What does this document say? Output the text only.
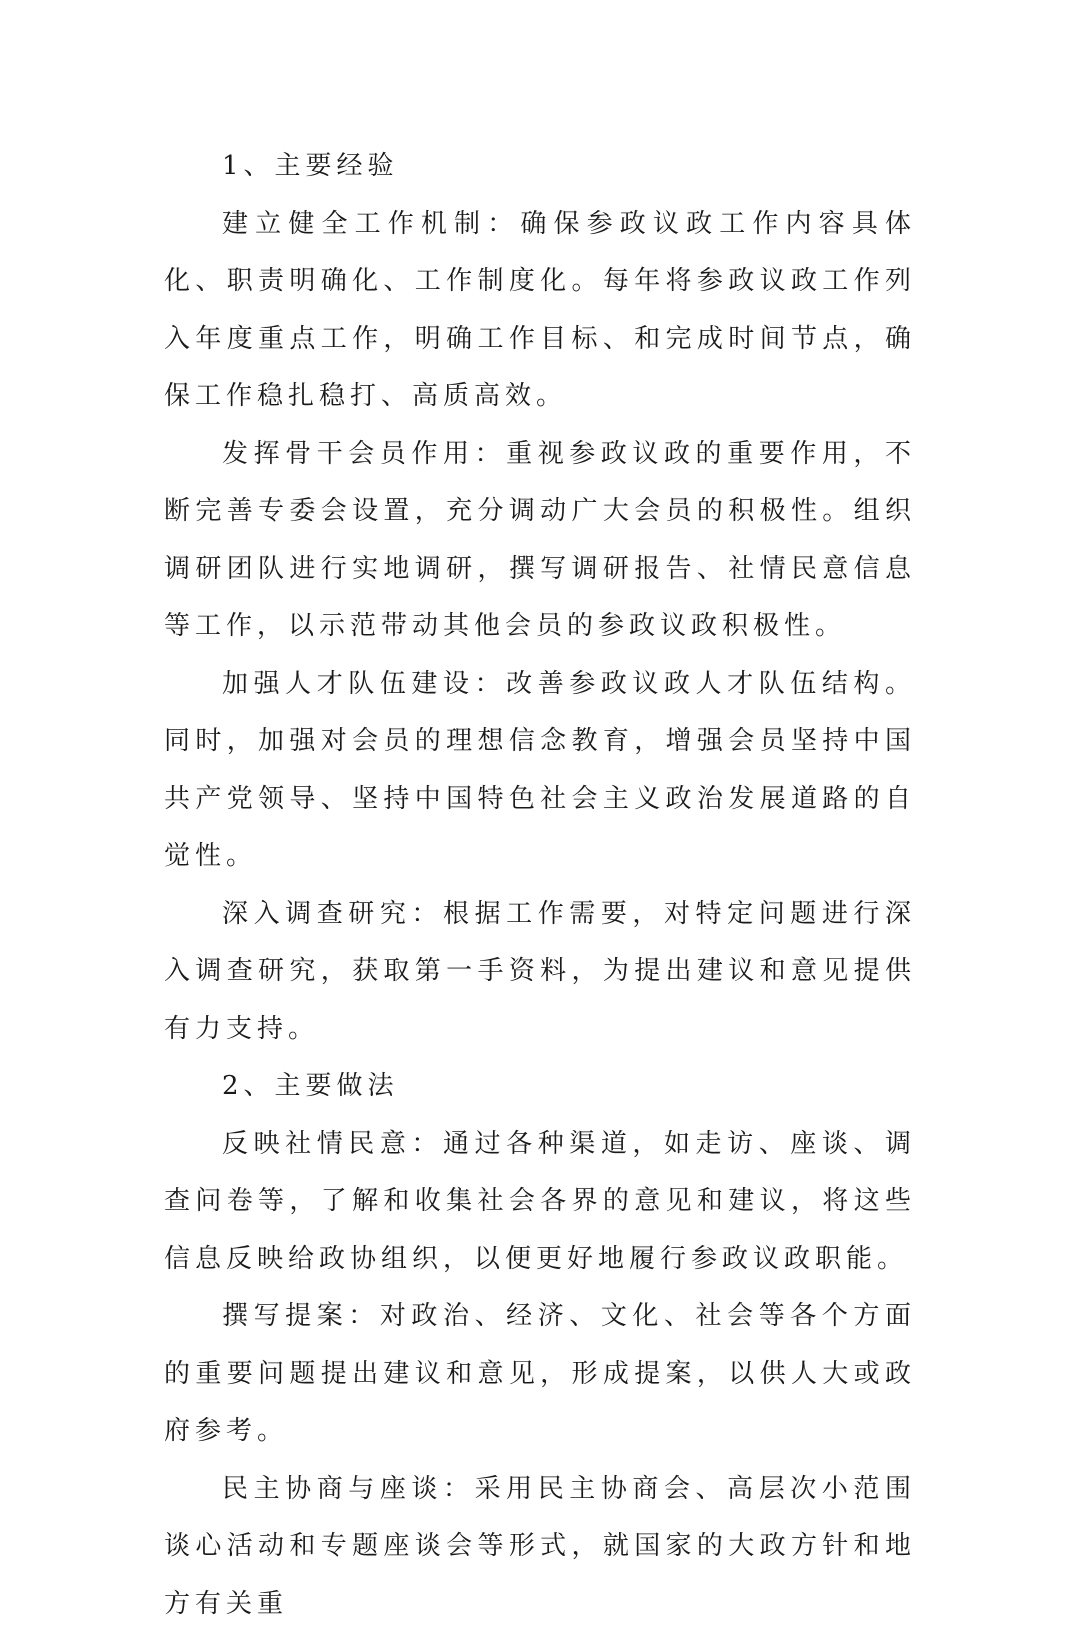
1、主要经验

建立健全工作机制：确保参政议政工作内容具体化、职责明确化、工作制度化。每年将参政议政工作列入年度重点工作，明确工作目标、和完成时间节点，确保工作稳扎稳打、高质高效。

发挥骨干会员作用：重视参政议政的重要作用，不断完善专委会设置，充分调动广大会员的积极性。组织调研团队进行实地调研，撰写调研报告、社情民意信息等工作，以示范带动其他会员的参政议政积极性。

加强人才队伍建设：改善参政议政人才队伍结构。同时，加强对会员的理想信念教育，增强会员坚持中国共产党领导、坚持中国特色社会主义政治发展道路的自觉性。

深入调查研究：根据工作需要，对特定问题进行深入调查研究，获取第一手资料，为提出建议和意见提供有力支持。

2、主要做法

反映社情民意：通过各种渠道，如走访、座谈、调查问卷等，了解和收集社会各界的意见和建议，将这些信息反映给政协组织，以便更好地履行参政议政职能。

撰写提案：对政治、经济、文化、社会等各个方面的重要问题提出建议和意见，形成提案，以供人大或政府参考。

民主协商与座谈：采用民主协商会、高层次小范围谈心活动和专题座谈会等形式，就国家的大政方针和地方有关重
